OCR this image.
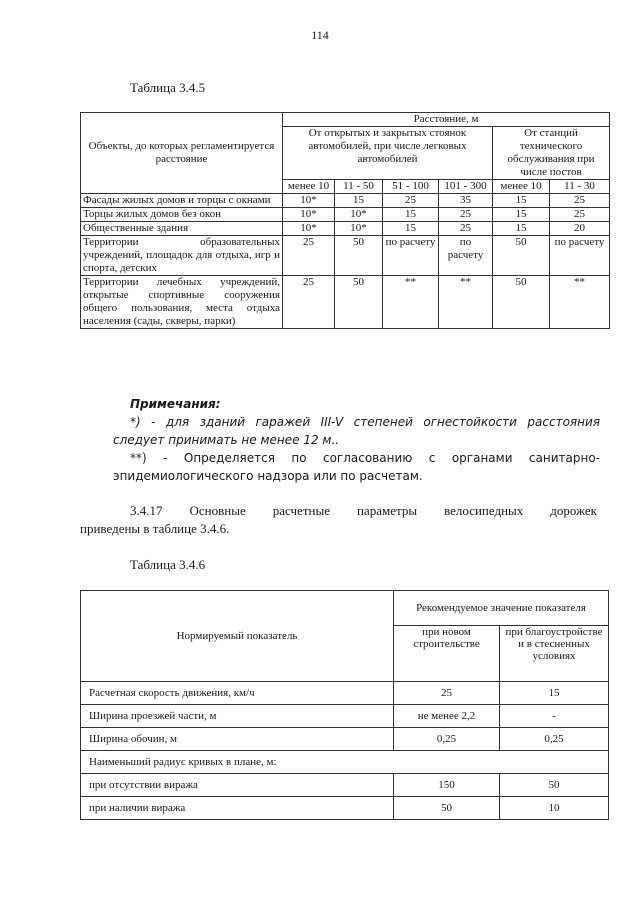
114
Таблица 3.4.5
Объекты, до которых регламентируется расстояние	Расстояние, м					
	От открытых и закрытых стоянок автомобилей, при числе легковых автомобилей				От станций технического обслуживания при числе постов	
	менее 10	11 - 50	51 - 100	101 - 300	менее 10	11 - 30
Фасады жилых домов и торцы с окнами	10*	15	25	35	15	25
Торцы жилых домов без окон	10*	10*	15	25	15	25
Общественные здания	10*	10*	15	25	15	20
Территории образовательных учреждений, площадок для отдыха, игр и спорта, детских	25	50	по расчету	по расчету	50	по расчету
Территории лечебных учреждений, открытые спортивные сооружения общего пользования, места отдыха населения (сады, скверы, парки)	25	50	**	**	50	**

Примечания:

*) - для зданий гаражей III-V степеней огнестойкости расстояния следует принимать не менее 12 м..

**) - Определяется по согласованию с органами санитарно-эпидемиологического надзора или по расчетам.

3.4.17 Основные расчетные параметры велосипедных дорожек
приведены в таблице 3.4.6.
Таблица 3.4.6
Нормируемый показатель	Рекомендуемое значение показателя	
	при новом строительстве	при благоустройстве и в стесненных условиях
Расчетная скорость движения, км/ч	25	15
Ширина проезжей части, м	не менее 2,2	-
Ширина обочин, м	0,25	0,25
Наименьший радиус кривых в плане, м:		
при отсутствии виража	150	50
при наличии виража	50	10
